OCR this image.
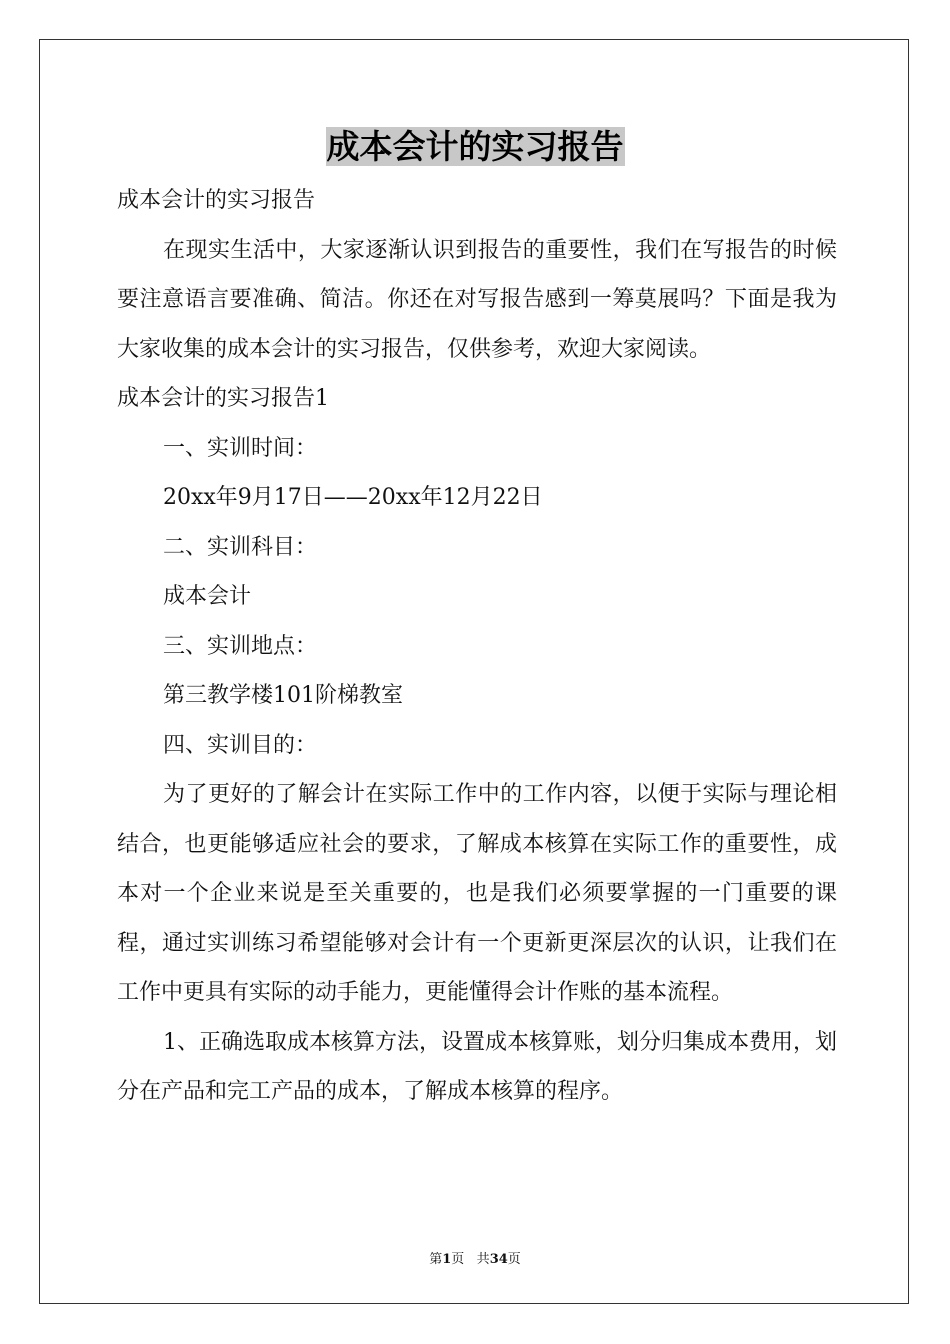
成本会计的实习报告

成本会计的实习报告

在现实生活中，大家逐渐认识到报告的重要性，我们在写报告的时候要注意语言要准确、简洁。你还在对写报告感到一筹莫展吗？下面是我为大家收集的成本会计的实习报告，仅供参考，欢迎大家阅读。

成本会计的实习报告1

一、实训时间：

20xx年9月17日——20xx年12月22日

二、实训科目：

成本会计

三、实训地点：

第三教学楼101阶梯教室

四、实训目的：

为了更好的了解会计在实际工作中的工作内容，以便于实际与理论相结合，也更能够适应社会的要求，了解成本核算在实际工作的重要性，成本对一个企业来说是至关重要的，也是我们必须要掌握的一门重要的课程，通过实训练习希望能够对会计有一个更新更深层次的认识，让我们在工作中更具有实际的动手能力，更能懂得会计作账的基本流程。

1、正确选取成本核算方法，设置成本核算账，划分归集成本费用，划分在产品和完工产品的成本，了解成本核算的程序。

第1页 共34页
